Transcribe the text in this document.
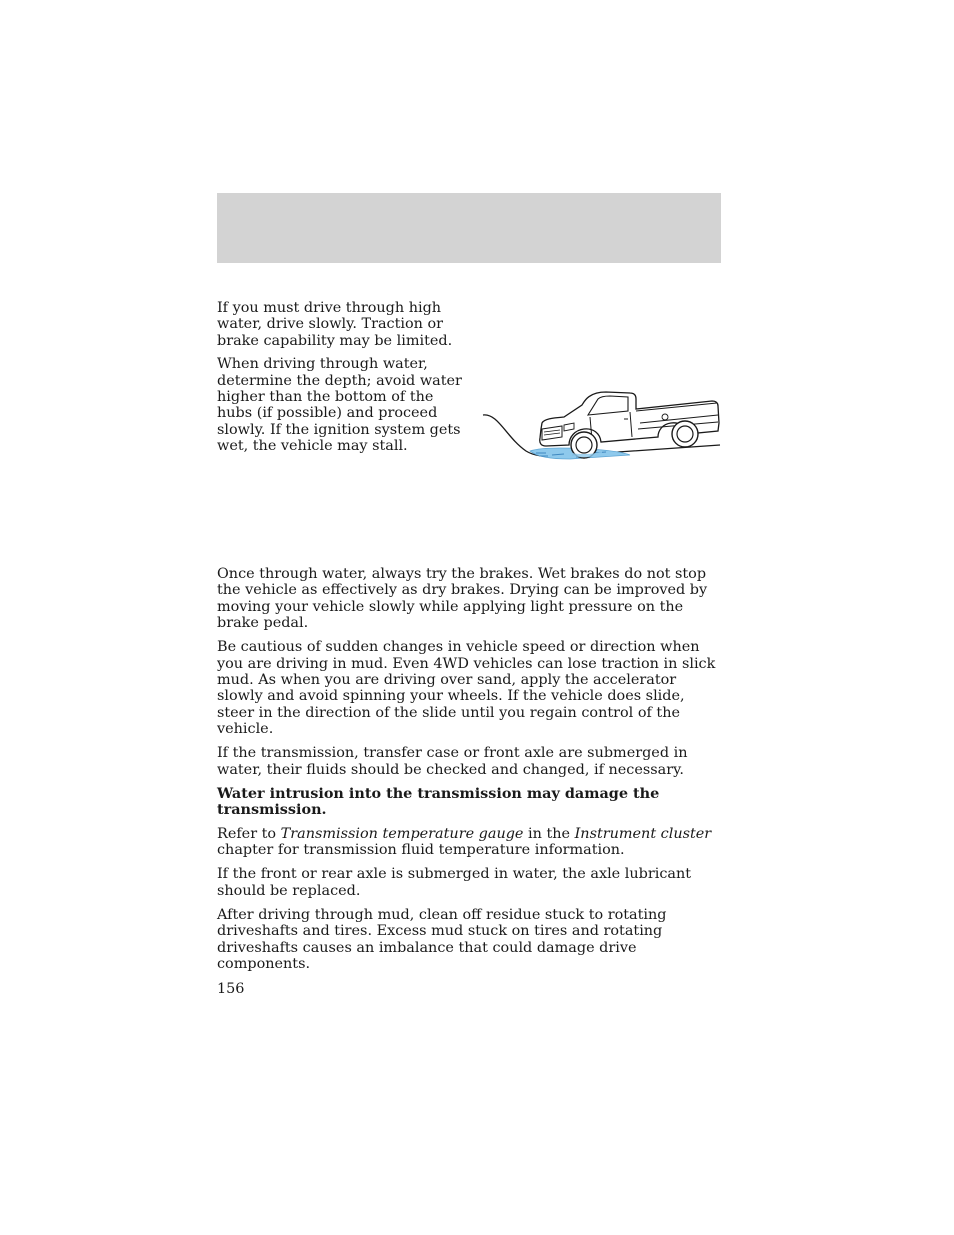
If you must drive through high water, drive slowly. Traction or brake capability may be limited.

When driving through water, determine the depth; avoid water higher than the bottom of the hubs (if possible) and proceed slowly. If the ignition system gets wet, the vehicle may stall.

Once through water, always try the brakes. Wet brakes do not stop the vehicle as effectively as dry brakes. Drying can be improved by moving your vehicle slowly while applying light pressure on the brake pedal.

Be cautious of sudden changes in vehicle speed or direction when you are driving in mud. Even 4WD vehicles can lose traction in slick mud. As when you are driving over sand, apply the accelerator slowly and avoid spinning your wheels. If the vehicle does slide, steer in the direction of the slide until you regain control of the vehicle.

If the transmission, transfer case or front axle are submerged in water, their fluids should be checked and changed, if necessary.

Water intrusion into the transmission may damage the transmission.

Refer to Transmission temperature gauge in the Instrument cluster chapter for transmission fluid temperature information.

If the front or rear axle is submerged in water, the axle lubricant should be replaced.

After driving through mud, clean off residue stuck to rotating driveshafts and tires. Excess mud stuck on tires and rotating driveshafts causes an imbalance that could damage drive components.

156
